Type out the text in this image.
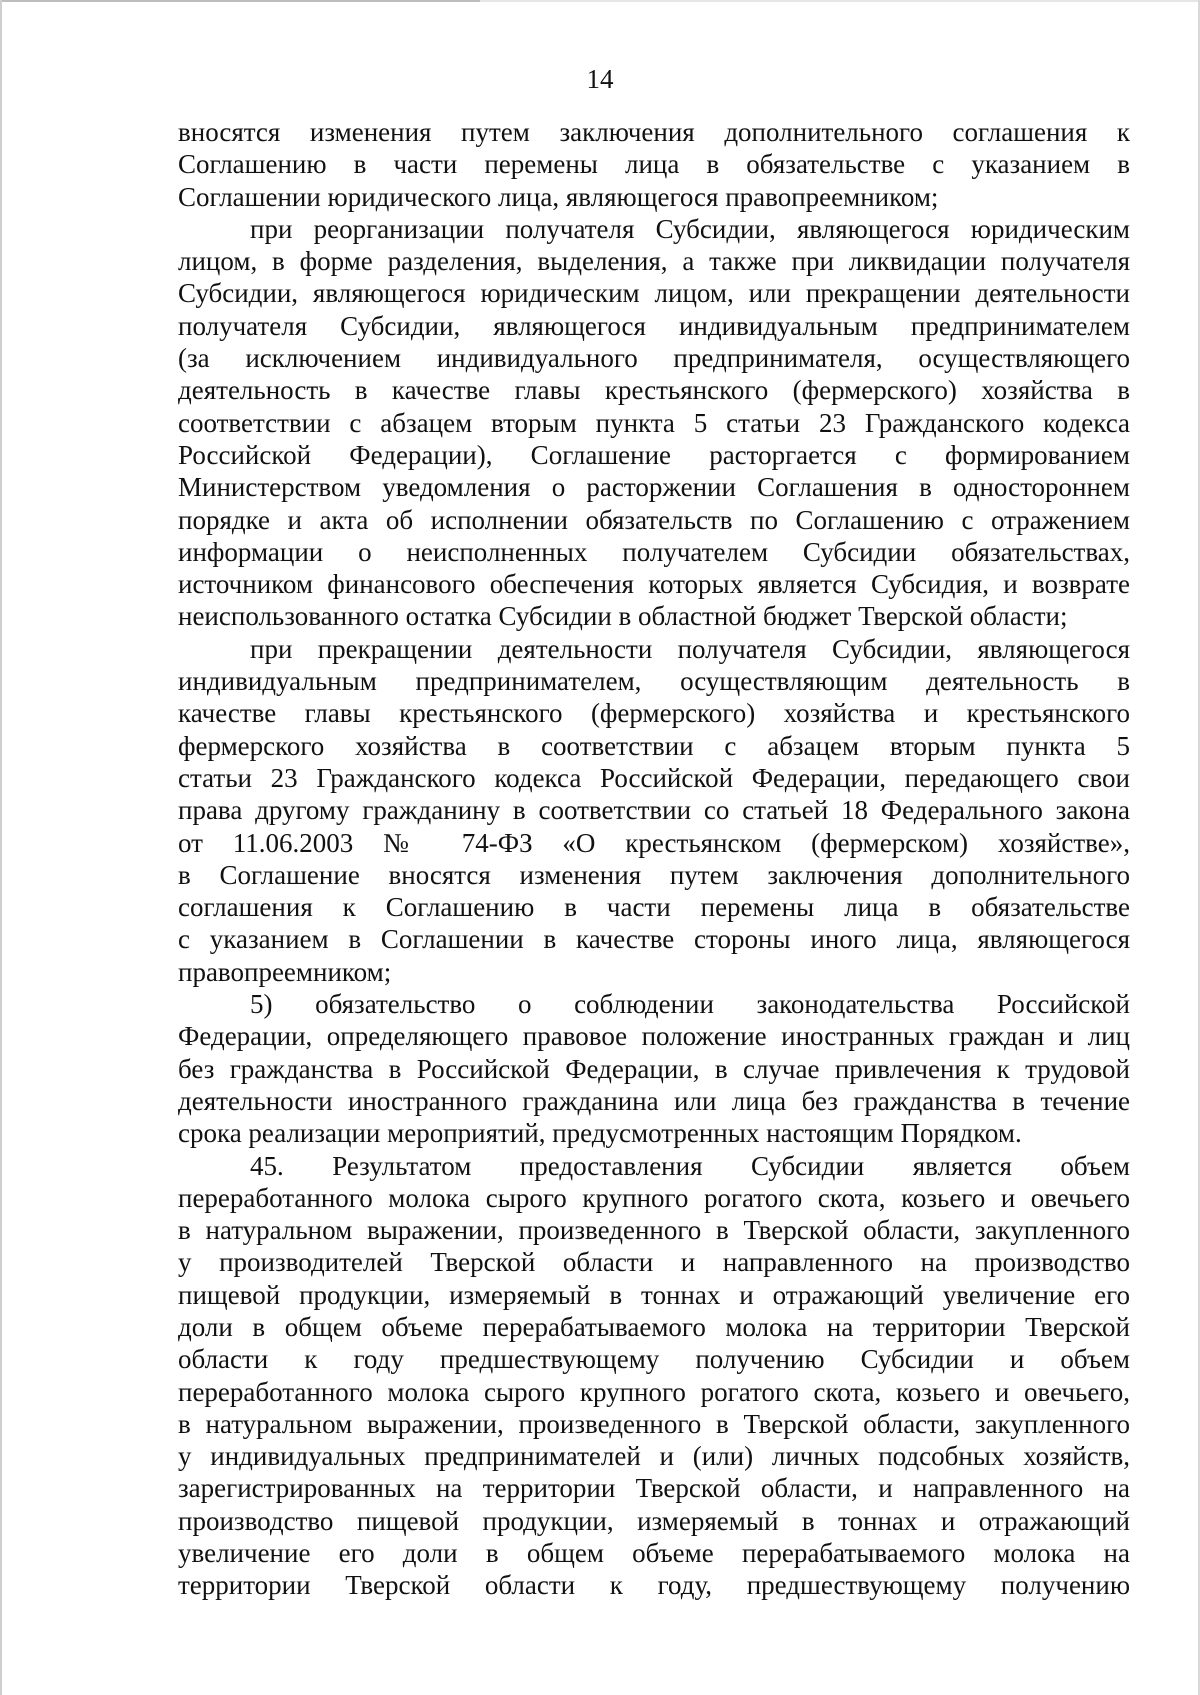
14
вносятся изменения путем заключения дополнительного соглашения к
Соглашению в части перемены лица в обязательстве с указанием в
Соглашении юридического лица, являющегося правопреемником;
при реорганизации получателя Субсидии, являющегося юридическим
лицом, в форме разделения, выделения, а также при ликвидации получателя
Субсидии, являющегося юридическим лицом, или прекращении деятельности
получателя Субсидии, являющегося индивидуальным предпринимателем
(за исключением индивидуального предпринимателя, осуществляющего
деятельность в качестве главы крестьянского (фермерского) хозяйства в
соответствии с абзацем вторым пункта 5 статьи 23 Гражданского кодекса
Российской Федерации), Соглашение расторгается с формированием
Министерством уведомления о расторжении Соглашения в одностороннем
порядке и акта об исполнении обязательств по Соглашению с отражением
информации о неисполненных получателем Субсидии обязательствах,
источником финансового обеспечения которых является Субсидия, и возврате
неиспользованного остатка Субсидии в областной бюджет Тверской области;
при прекращении деятельности получателя Субсидии, являющегося
индивидуальным предпринимателем, осуществляющим деятельность в
качестве главы крестьянского (фермерского) хозяйства и крестьянского
фермерского хозяйства в соответствии с абзацем вторым пункта 5
статьи 23 Гражданского кодекса Российской Федерации, передающего свои
права другому гражданину в соответствии со статьей 18 Федерального закона
от 11.06.2003 № 74-ФЗ «О крестьянском (фермерском) хозяйстве»,
в Соглашение вносятся изменения путем заключения дополнительного
соглашения к Соглашению в части перемены лица в обязательстве
с указанием в Соглашении в качестве стороны иного лица, являющегося
правопреемником;
5) обязательство о соблюдении законодательства Российской
Федерации, определяющего правовое положение иностранных граждан и лиц
без гражданства в Российской Федерации, в случае привлечения к трудовой
деятельности иностранного гражданина или лица без гражданства в течение
срока реализации мероприятий, предусмотренных настоящим Порядком.
45. Результатом предоставления Субсидии является объем
переработанного молока сырого крупного рогатого скота, козьего и овечьего
в натуральном выражении, произведенного в Тверской области, закупленного
у производителей Тверской области и направленного на производство
пищевой продукции, измеряемый в тоннах и отражающий увеличение его
доли в общем объеме перерабатываемого молока на территории Тверской
области к году предшествующему получению Субсидии и объем
переработанного молока сырого крупного рогатого скота, козьего и овечьего,
в натуральном выражении, произведенного в Тверской области, закупленного
у индивидуальных предпринимателей и (или) личных подсобных хозяйств,
зарегистрированных на территории Тверской области, и направленного на
производство пищевой продукции, измеряемый в тоннах и отражающий
увеличение его доли в общем объеме перерабатываемого молока на
территории Тверской области к году, предшествующему получению
